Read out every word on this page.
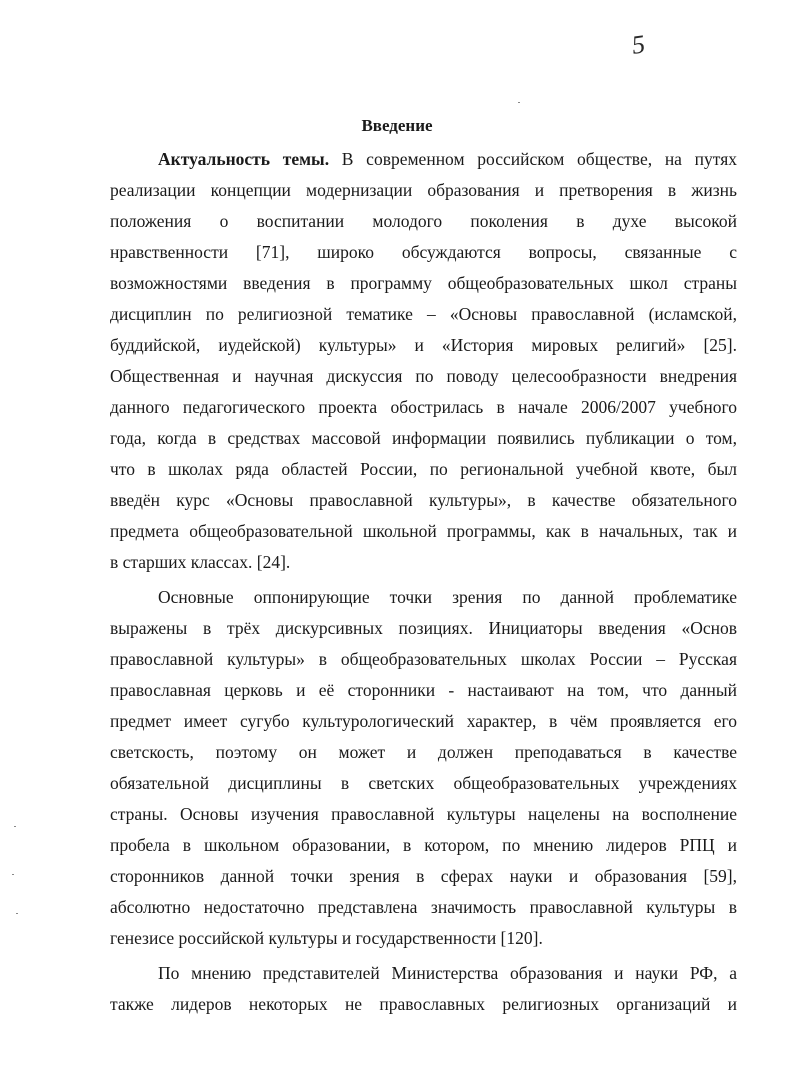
5
Введение
Актуальность темы. В современном российском обществе, на путях
реализации концепции модернизации образования и претворения в жизнь
положения о воспитании молодого поколения в духе высокой
нравственности [71], широко обсуждаются вопросы, связанные с
возможностями введения в программу общеобразовательных школ страны
дисциплин по религиозной тематике – «Основы православной (исламской,
буддийской, иудейской) культуры» и «История мировых религий» [25].
Общественная и научная дискуссия по поводу целесообразности внедрения
данного педагогического проекта обострилась в начале 2006/2007 учебного
года, когда в средствах массовой информации появились публикации о том,
что в школах ряда областей России, по региональной учебной квоте, был
введён курс «Основы православной культуры», в качестве обязательного
предмета общеобразовательной школьной программы, как в начальных, так и
в старших классах. [24].
Основные оппонирующие точки зрения по данной проблематике
выражены в трёх дискурсивных позициях. Инициаторы введения «Основ
православной культуры» в общеобразовательных школах России – Русская
православная церковь и её сторонники - настаивают на том, что данный
предмет имеет сугубо культурологический характер, в чём проявляется его
светскость, поэтому он может и должен преподаваться в качестве
обязательной дисциплины в светских общеобразовательных учреждениях
страны. Основы изучения православной культуры нацелены на восполнение
пробела в школьном образовании, в котором, по мнению лидеров РПЦ и
сторонников данной точки зрения в сферах науки и образования [59],
абсолютно недостаточно представлена значимость православной культуры в
генезисе российской культуры и государственности [120].
По мнению представителей Министерства образования и науки РФ, а
также лидеров некоторых не православных религиозных организаций и
